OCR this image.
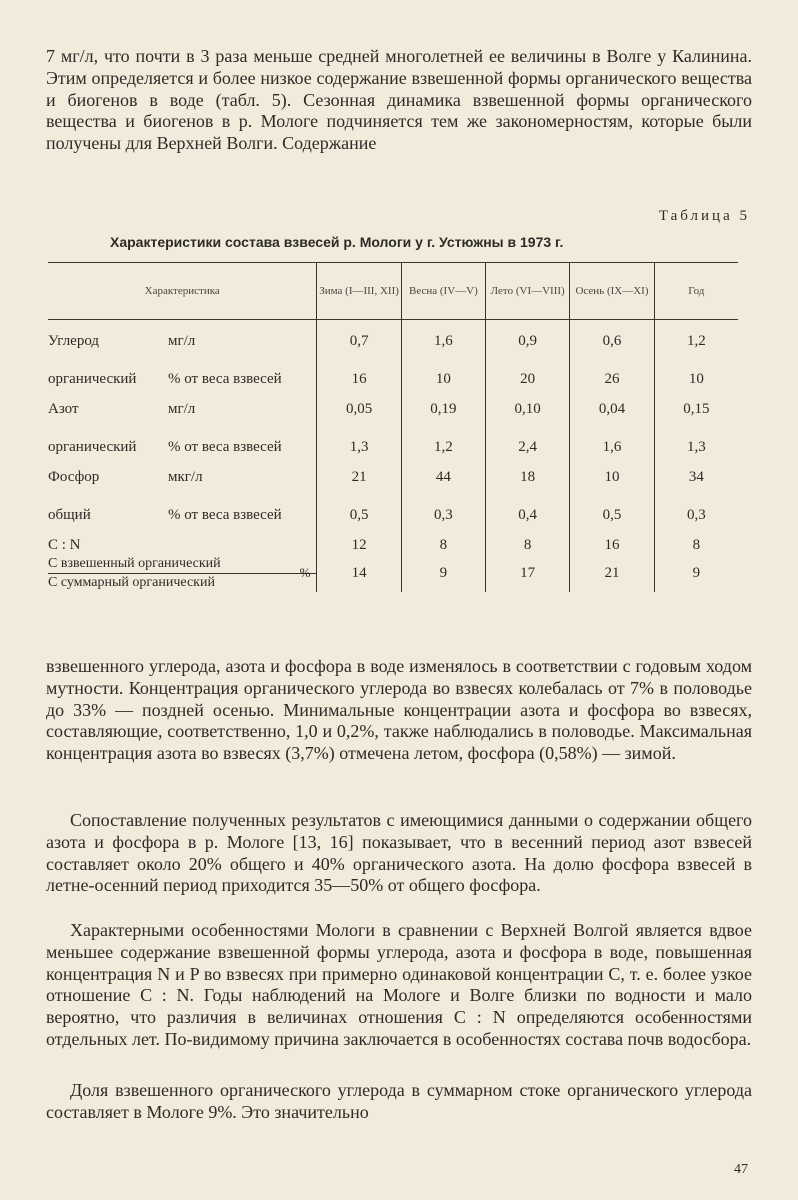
7 мг/л, что почти в 3 раза меньше средней многолетней ее величины в Волге у Калинина. Этим определяется и более низкое содержание взвешенной формы органического вещества и биогенов в воде (табл. 5). Сезонная динамика взвешенной формы органического вещества и биогенов в р. Мологе подчиняется тем же закономерностям, которые были получены для Верхней Волги. Содержание

Таблица 5

Характеристики состава взвесей р. Мологи у г. Устюжны в 1973 г.

Характеристика	Зима (I—III, XII)	Весна (IV—V)	Лето (VI—VIII)	Осень (IX—XI)	Год
Углерод мг/л	0,7	1,6	0,9	0,6	1,2
органический % от веса взвесей	16	10	20	26	10
Азот мг/л	0,05	0,19	0,10	0,04	0,15
органический % от веса взвесей	1,3	1,2	2,4	1,6	1,3
Фосфор мкг/л	21	44	18	10	34
общий % от веса взвесей	0,5	0,3	0,4	0,5	0,3
C : N	12	8	8	16	8

С взвешенный органический
С суммарный органический
%	14	9	17	21	9

взвешенного углерода, азота и фосфора в воде изменялось в соответствии с годовым ходом мутности. Концентрация органического углерода во взвесях колебалась от 7% в половодье до 33% — поздней осенью. Минимальные концентрации азота и фосфора во взвесях, составляющие, соответственно, 1,0 и 0,2%, также наблюдались в половодье. Максимальная концентрация азота во взвесях (3,7%) отмечена летом, фосфора (0,58%) — зимой.

Сопоставление полученных результатов с имеющимися данными о содержании общего азота и фосфора в р. Мологе [13, 16] показывает, что в весенний период азот взвесей составляет около 20% общего и 40% органического азота. На долю фосфора взвесей в летне-осенний период приходится 35—50% от общего фосфора.

Характерными особенностями Мологи в сравнении с Верхней Волгой является вдвое меньшее содержание взвешенной формы углерода, азота и фосфора в воде, повышенная концентрация N и P во взвесях при примерно одинаковой концентрации С, т. е. более узкое отношение C : N. Годы наблюдений на Мологе и Волге близки по водности и мало вероятно, что различия в величинах отношения C : N определяются особенностями отдельных лет. По-видимому причина заключается в особенностях состава почв водосбора.

Доля взвешенного органического углерода в суммарном стоке органического углерода составляет в Мологе 9%. Это значительно

47
